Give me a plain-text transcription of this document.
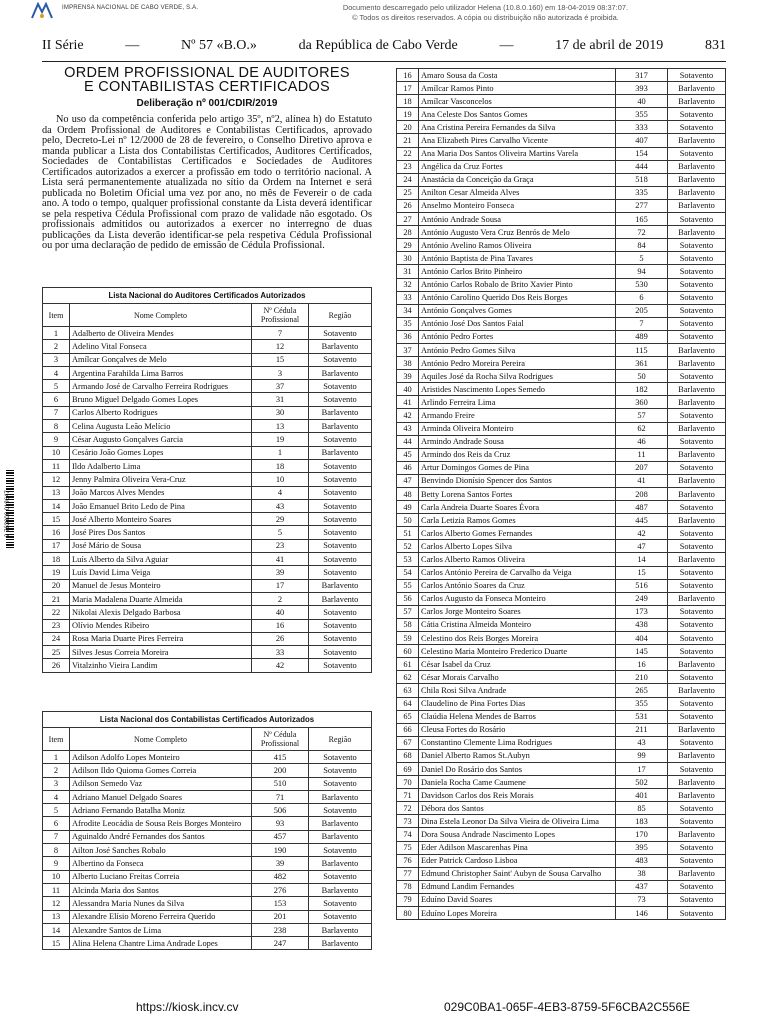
IMPRENSA NACIONAL DE CABO VERDE, S.A.	Documento descarregado pelo utilizador Helena (10.8.0.160) em 18-04-2019 08:37:07.
© Todos os direitos reservados. A cópia ou distribuição não autorizada é proibida.
II Série	—	Nº 57 «B.O.»	da República de Cabo Verde	—	17 de abril de 2019	831
ORDEM PROFISSIONAL DE AUDITORES
E CONTABILISTAS CERTIFICADOS
Deliberação nº 001/CDIR/2019
No uso da competência conferida pelo artigo 35º, nº2, alínea h) do Estatuto da Ordem Profissional de Auditores e Contabilistas Certificados, aprovado pelo, Decreto-Lei nº 12/2000 de 28 de fevereiro, o Conselho Diretivo aprova e manda publicar a Lista dos Contabilistas Certificados, Auditores Certificados, Sociedades de Contabilistas Certificados e Sociedades de Auditores Certificados autorizados a exercer a profissão em todo o território nacional. A Lista será permanentemente atualizada no sítio da Ordem na Internet e será publicada no Boletim Oficial uma vez por ano, no mês de Fevereir o de cada ano. A todo o tempo, qualquer profissional constante da Lista deverá identificar se pela respetiva Cédula Profissional com prazo de validade não esgotado. Os profissionais admitidos ou autorizados a exercer no interregno de duas publicações da Lista deverão identificar-se pela respetiva Cédula Profissional ou por uma declaração de pedido de emissão de Cédula Profissional.
Lista Nacional do Auditores Certificados Autorizados			
Item	Nome Completo	Nº Cédula Profissional	Região
1	Adalberto de Oliveira Mendes	7	Sotavento
2	Adelino Vital Fonseca	12	Barlavento
3	Amílcar Gonçalves de Melo	15	Sotavento
4	Argentina Farahilda Lima Barros	3	Barlavento
5	Armando José de Carvalho Ferreira Rodrigues	37	Sotavento
6	Bruno Miguel Delgado Gomes Lopes	31	Sotavento
7	Carlos Alberto Rodrigues	30	Barlavento
8	Celina Augusta Leão Melício	13	Barlavento
9	César Augusto Gonçalves Garcia	19	Sotavento
10	Cesário João Gomes Lopes	1	Barlavento
11	Ildo Adalberto Lima	18	Sotavento
12	Jenny Palmira Oliveira Vera-Cruz	10	Sotavento
13	João Marcos Alves Mendes	4	Sotavento
14	João Emanuel Brito Ledo de Pina	43	Sotavento
15	José Alberto Monteiro Soares	29	Sotavento
16	José Pires Dos Santos	5	Sotavento
17	José Mário de Sousa	23	Sotavento
18	Luís Alberto da Silva Aguiar	41	Sotavento
19	Luís David Lima Veiga	39	Sotavento
20	Manuel de Jesus Monteiro	17	Barlavento
21	Maria Madalena Duarte Almeida	2	Barlavento
22	Nikolai Alexis Delgado Barbosa	40	Sotavento
23	Olívio Mendes Ribeiro	16	Sotavento
24	Rosa Maria Duarte Pires Ferreira	26	Sotavento
25	Silves Jesus Correia Moreira	33	Sotavento
26	Vitalzinho Vieira Landim	42	Sotavento
Lista Nacional dos Contabilistas Certificados Autorizados			
Item	Nome Completo	Nº Cédula Profissional	Região
1	Adilson Adolfo Lopes Monteiro	415	Sotavento
2	Adilson Ildo Quioma Gomes Correia	200	Sotavento
3	Adilson Semedo Vaz	510	Sotavento
4	Adriano Manuel Delgado Soares	71	Barlavento
5	Adriano Fernando Batalha Moniz	506	Sotavento
6	Afrodite Leocádia de Sousa Reis Borges Monteiro	93	Barlavento
7	Aguinaldo André Fernandes dos Santos	457	Barlavento
8	Ailton José Sanches Robalo	190	Sotavento
9	Albertino da Fonseca	39	Barlavento
10	Alberto Luciano Freitas Correia	482	Sotavento
11	Alcinda Maria dos Santos	276	Barlavento
12	Alessandra Maria Nunes da Silva	153	Sotavento
13	Alexandre Elísio Moreno Ferreira Querido	201	Sotavento
14	Alexandre Santos de Lima	238	Barlavento
15	Alina Helena Chantre Lima Andrade Lopes	247	Barlavento
16	Amaro Sousa da Costa	317	Sotavento
17	Amílcar Ramos Pinto	393	Barlavento
18	Amílcar Vasconcelos	40	Barlavento
19	Ana Celeste Dos Santos Gomes	355	Sotavento
20	Ana Cristina Pereira Fernandes da Silva	333	Sotavento
21	Ana Elizabeth Pires Carvalho Vicente	407	Barlavento
22	Ana Maria Dos Santos Oliveira Martins Varela	154	Sotavento
23	Angélica da Cruz Fortes	444	Barlavento
24	Anastácia da Conceição da Graça	518	Barlavento
25	Anilton Cesar Almeida Alves	335	Barlavento
26	Anselmo Monteiro Fonseca	277	Barlavento
27	António Andrade Sousa	165	Sotavento
28	António Augusto Vera Cruz Benrós de Melo	72	Barlavento
29	António Avelino Ramos Oliveira	84	Sotavento
30	António Baptista de Pina Tavares	5	Sotavento
31	António Carlos Brito Pinheiro	94	Sotavento
32	António Carlos Robalo de Brito Xavier Pinto	530	Sotavento
33	António Carolino Querido Dos Reis Borges	6	Sotavento
34	António Gonçalves Gomes	205	Sotavento
35	António José Dos Santos Faial	7	Sotavento
36	António Pedro Fortes	489	Sotavento
37	António Pedro Gomes Silva	115	Barlavento
38	António Pedro Moreira Pereira	361	Barlavento
39	Aquiles José da Rocha Silva Rodrigues	50	Sotavento
40	Aristides Nascimento Lopes Semedo	182	Barlavento
41	Arlindo Ferreira Lima	360	Barlavento
42	Armando Freire	57	Sotavento
43	Arminda Oliveira Monteiro	62	Barlavento
44	Armindo Andrade Sousa	46	Sotavento
45	Armindo dos Reis da Cruz	11	Barlavento
46	Artur Domingos Gomes de Pina	207	Sotavento
47	Benvindo Dionísio Spencer dos Santos	41	Barlavento
48	Betty Lorena Santos Fortes	208	Barlavento
49	Carla Andreia Duarte Soares Évora	487	Sotavento
50	Carla Letizia Ramos Gomes	445	Barlavento
51	Carlos Alberto Gomes Fernandes	42	Sotavento
52	Carlos Alberto Lopes Silva	47	Sotavento
53	Carlos Alberto Ramos Oliveira	14	Barlavento
54	Carlos António Pereira de Carvalho da Veiga	15	Sotavento
55	Carlos António Soares da Cruz	516	Sotavento
56	Carlos Augusto da Fonseca Monteiro	249	Barlavento
57	Carlos Jorge Monteiro Soares	173	Sotavento
58	Cátia Cristina Almeida Monteiro	438	Sotavento
59	Celestino dos Reis Borges Moreira	404	Sotavento
60	Celestino Maria Monteiro Frederico Duarte	145	Sotavento
61	César Isabel da Cruz	16	Barlavento
62	César Morais Carvalho	210	Sotavento
63	Chila Rosi Silva Andrade	265	Barlavento
64	Claudelino de Pina Fortes Dias	355	Sotavento
65	Claúdia Helena Mendes de Barros	531	Sotavento
66	Cleusa Fortes do Rosário	211	Barlavento
67	Constantino Clemente Lima Rodrigues	43	Sotavento
68	Daniel Alberto Ramos St.Aubyn	99	Barlavento
69	Daniel Do Rosário dos Santos	17	Sotavento
70	Daniela Rocha Came Caumene	502	Barlavento
71	Davidson Carlos dos Reis Morais	401	Barlavento
72	Débora dos Santos	85	Sotavento
73	Dina Estela Leonor Da Silva Vieira de Oliveira Lima	183	Sotavento
74	Dora Sousa Andrade Nascimento Lopes	170	Barlavento
75	Eder Adilson Mascarenhas Pina	395	Sotavento
76	Eder Patrick Cardoso Lisboa	483	Sotavento
77	Edmund Christopher Saint' Aubyn de Sousa Carvalho	38	Barlavento
78	Edmund Landim Fernandes	437	Sotavento
79	Eduíno David Soares	73	Sotavento
80	Eduíno Lopes Moreira	146	Sotavento
2 763000 019647
https://kiosk.incv.cv	029C0BA1-065F-4EB3-8759-5F6CBA2C556E
